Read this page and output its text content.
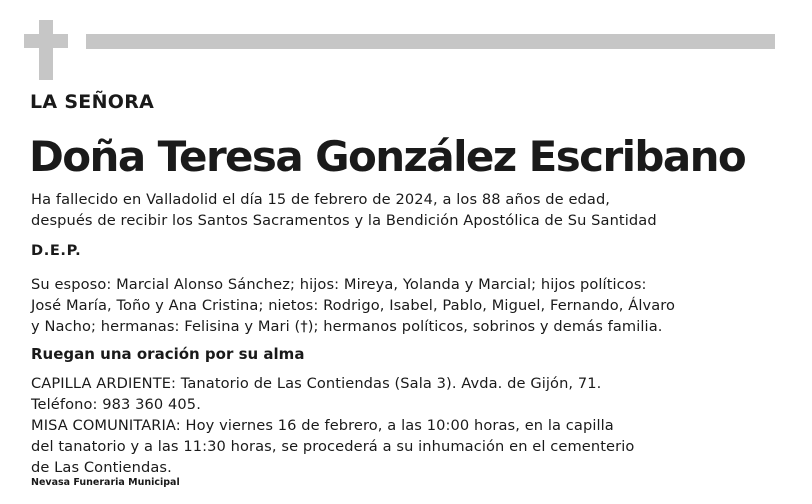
LA SEÑORA
Doña Teresa González Escribano
Ha fallecido en Valladolid el día 15 de febrero de 2024, a los 88 años de edad,
después de recibir los Santos Sacramentos y la Bendición Apostólica de Su Santidad
D.E.P.
Su esposo: Marcial Alonso Sánchez; hijos: Mireya, Yolanda y Marcial; hijos políticos:
José María, Toño y Ana Cristina; nietos: Rodrigo, Isabel, Pablo, Miguel, Fernando, Álvaro
y Nacho; hermanas: Felisina y Mari (†); hermanos políticos, sobrinos y demás familia.
Ruegan una oración por su alma
CAPILLA ARDIENTE: Tanatorio de Las Contiendas (Sala 3). Avda. de Gijón, 71.
Teléfono: 983 360 405.
MISA COMUNITARIA: Hoy viernes 16 de febrero, a las 10:00 horas, en la capilla
del tanatorio y a las 11:30 horas, se procederá a su inhumación en el cementerio
de Las Contiendas.
Nevasa Funeraria Municipal
